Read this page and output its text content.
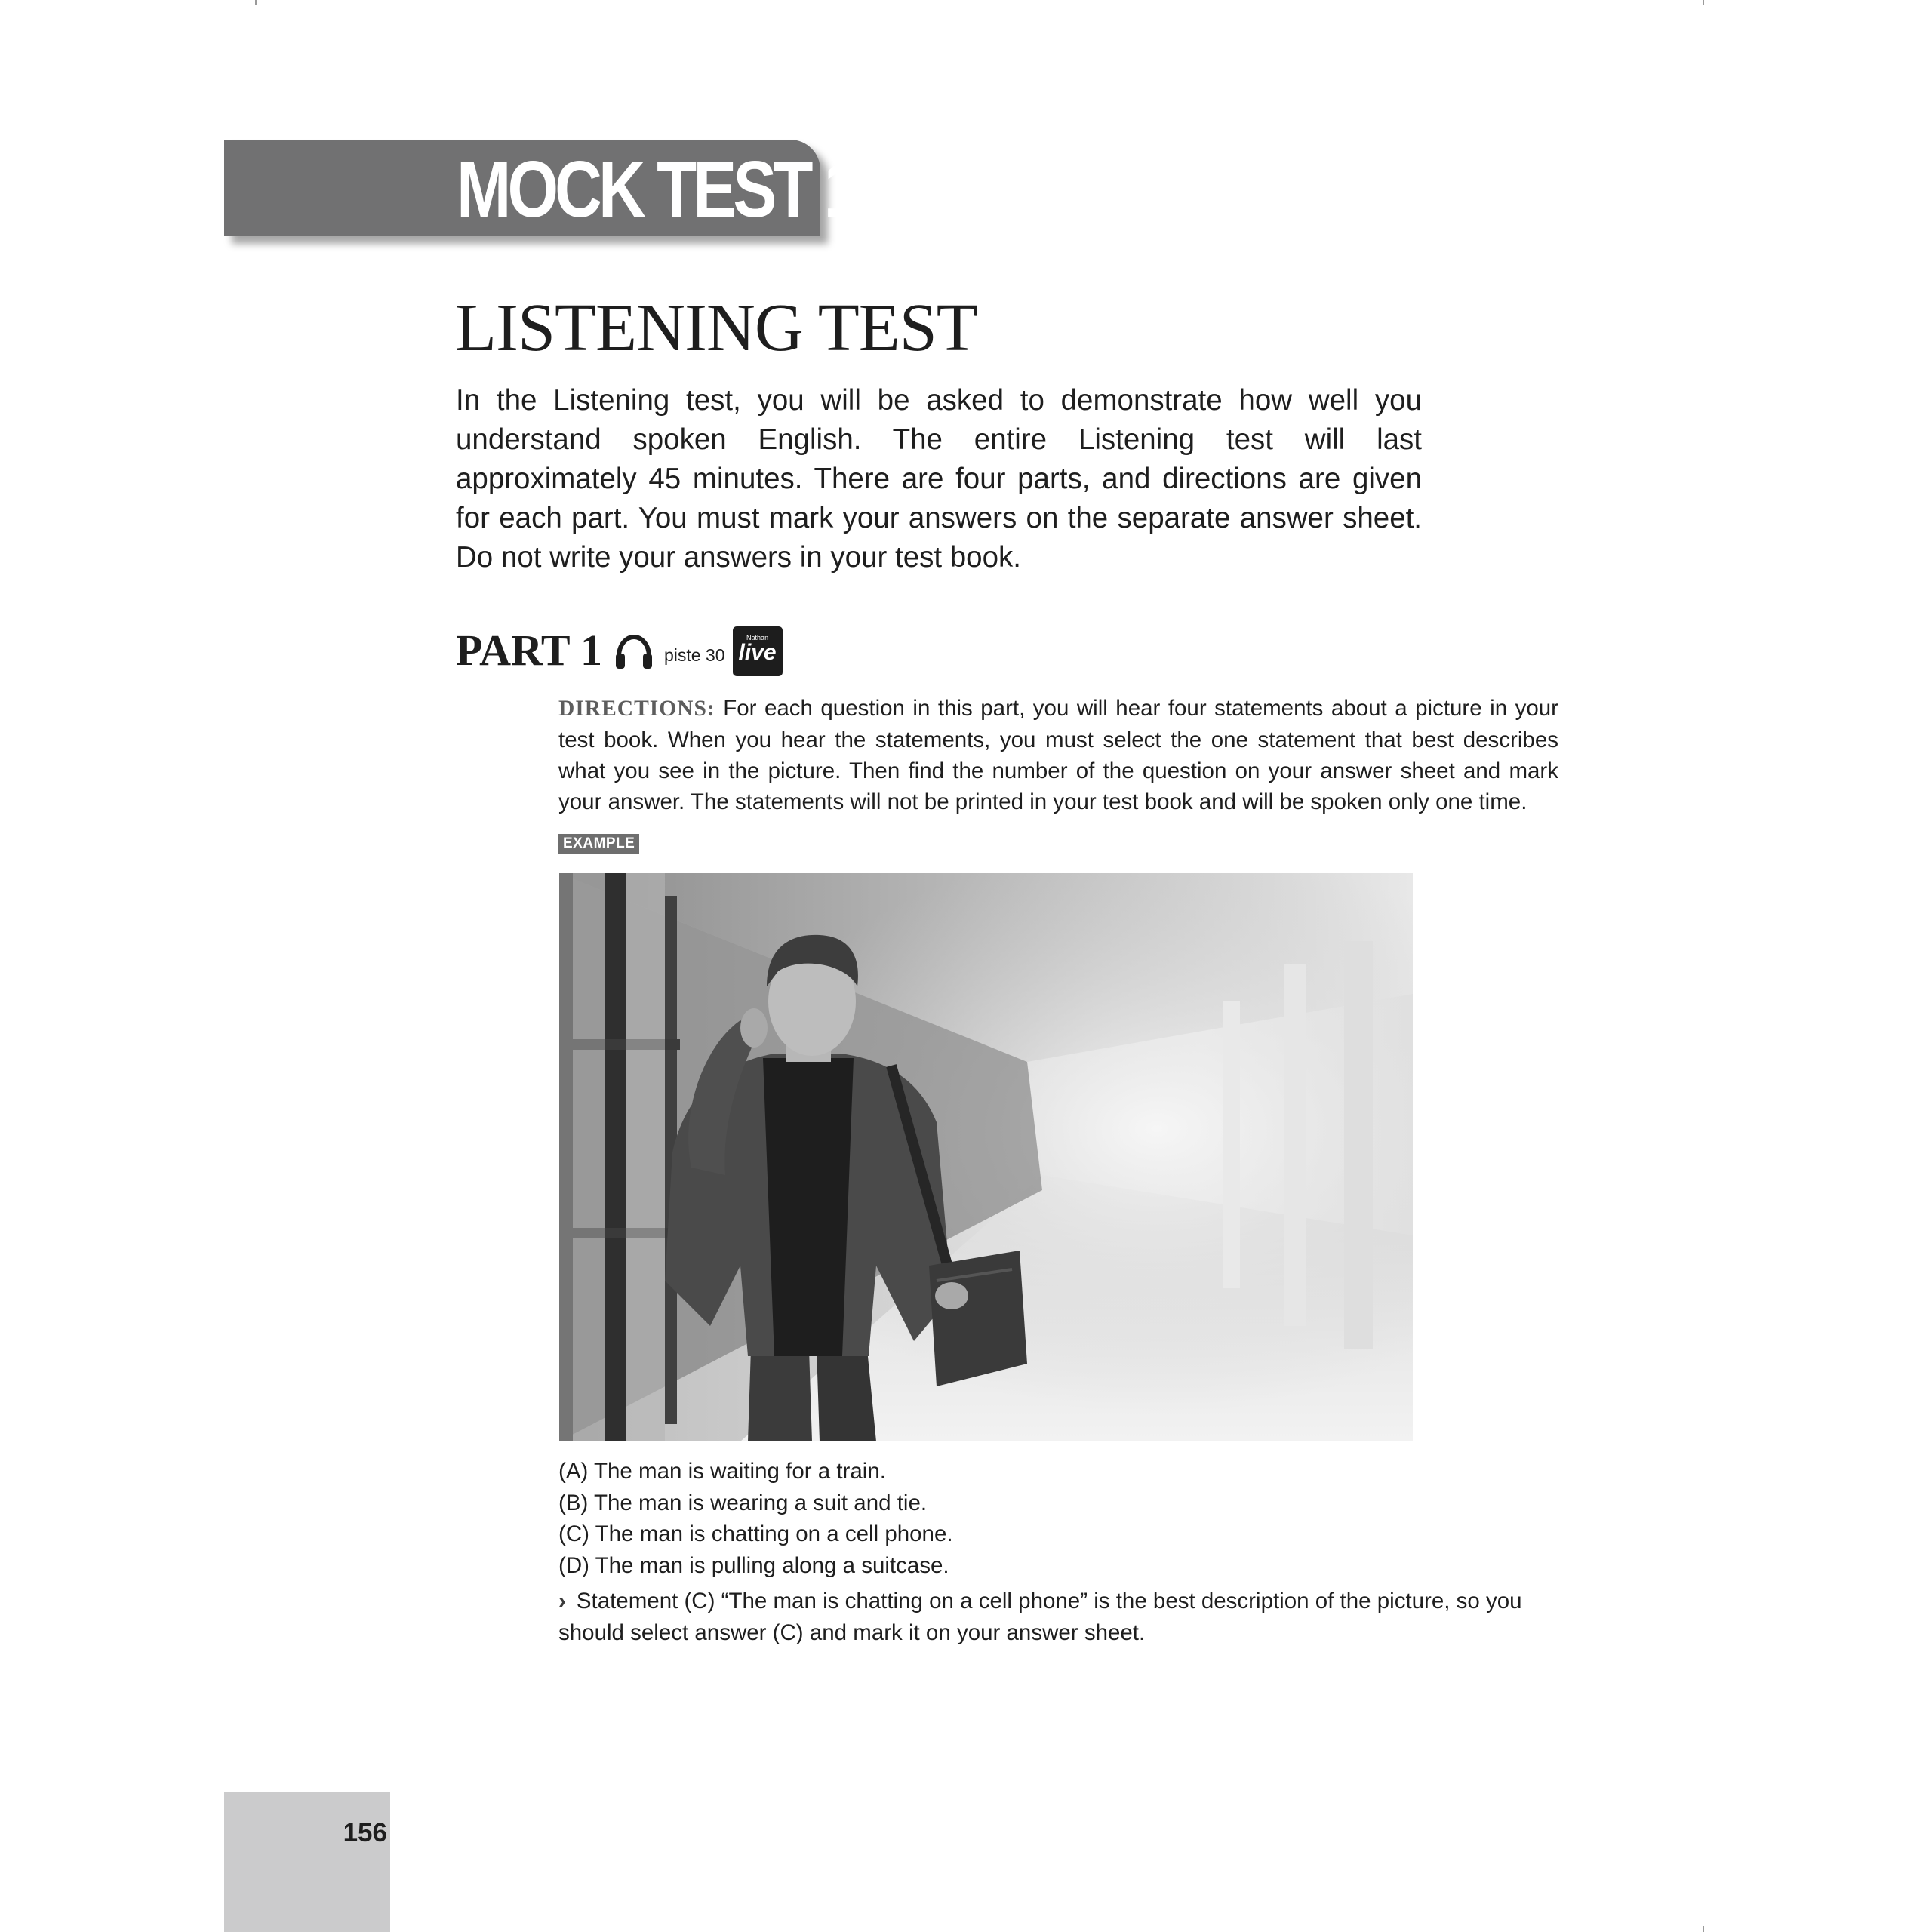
MOCK TEST 1
LISTENING TEST

In the Listening test, you will be asked to demonstrate how well you understand spoken English. The entire Listening test will last approximately 45 minutes. There are four parts, and directions are given for each part. You must mark your answers on the separate answer sheet. Do not write your answers in your test book.

PART 1	piste 30
Nathan
live

DIRECTIONS: For each question in this part, you will hear four statements about a picture in your test book. When you hear the statements, you must select the one statement that best describes what you see in the picture. Then find the number of the question on your answer sheet and mark your answer. The statements will not be printed in your test book and will be spoken only one time.

EXAMPLE
(A) The man is waiting for a train.
(B) The man is wearing a suit and tie.
(C) The man is chatting on a cell phone.
(D) The man is pulling along a suitcase.

› Statement (C) “The man is chatting on a cell phone” is the best description of the picture, so you should select answer (C) and mark it on your answer sheet.

156
